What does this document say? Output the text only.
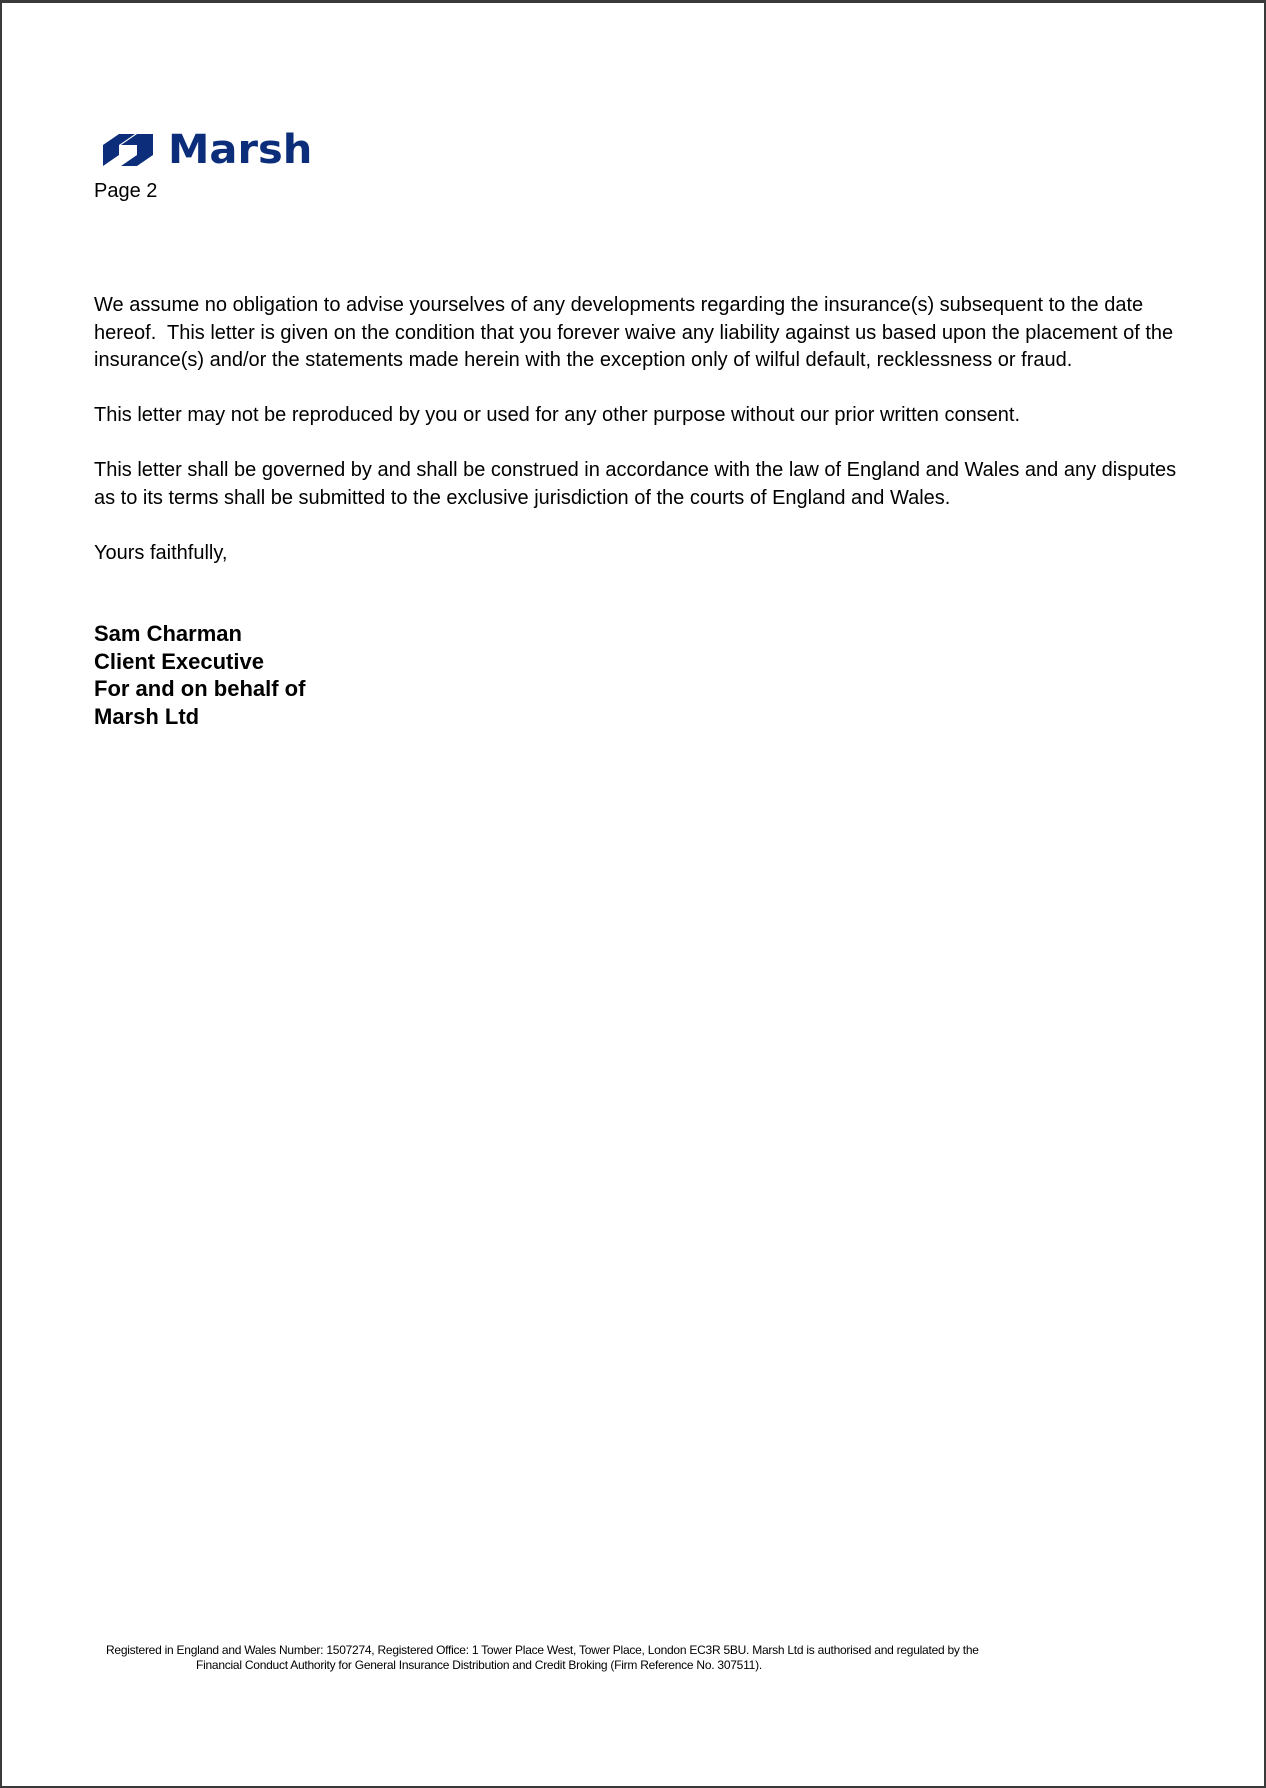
Marsh
Page 2

We assume no obligation to advise yourselves of any developments regarding the insurance(s) subsequent to the date hereof.  This letter is given on the condition that you forever waive any liability against us based upon the placement of the insurance(s) and/or the statements made herein with the exception only of wilful default, recklessness or fraud.

This letter may not be reproduced by you or used for any other purpose without our prior written consent.

This letter shall be governed by and shall be construed in accordance with the law of England and Wales and any disputes as to its terms shall be submitted to the exclusive jurisdiction of the courts of England and Wales.

Yours faithfully,

Sam Charman
Client Executive
For and on behalf of
Marsh Ltd
Registered in England and Wales Number: 1507274, Registered Office: 1 Tower Place West, Tower Place, London EC3R 5BU. Marsh Ltd is authorised and regulated by the
Financial Conduct Authority for General Insurance Distribution and Credit Broking (Firm Reference No. 307511).
